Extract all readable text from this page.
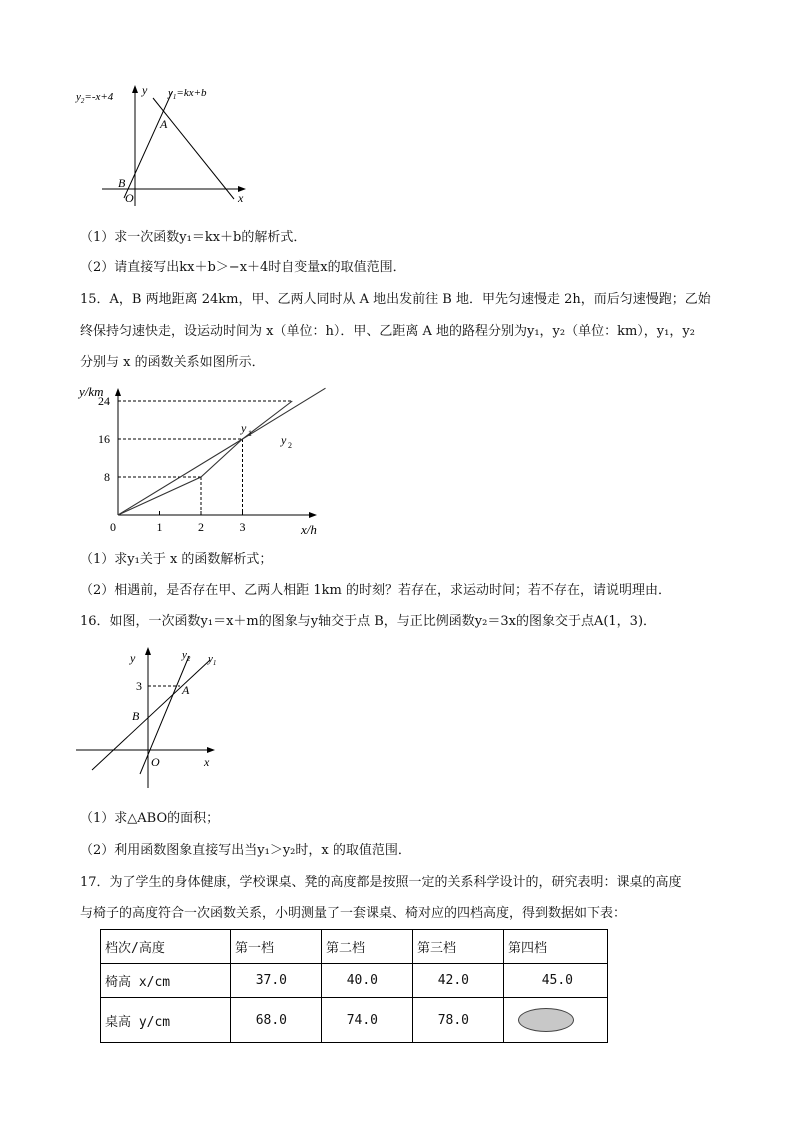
$y_2=-x+4$	$y_1=kx+b$
y
x
A
B
O
（1）求一次函数y₁＝kx＋b的解析式．
（2）请直接写出kx＋b＞−x＋4时自变量x的取值范围．
15．A，B 两地距离 24km，甲、乙两人同时从 A 地出发前往 B 地．甲先匀速慢走 2h，而后匀速慢跑；乙始
终保持匀速快走，设运动时间为 x（单位：h）．甲、乙距离 A 地的路程分别为y₁，y₂（单位：km），y₁，y₂
分别与 x 的函数关系如图所示．
y/km
x/h
8
16
24
0	1	2	3
y 1 y 2
（1）求y₁关于 x 的函数解析式；
（2）相遇前，是否存在甲、乙两人相距 1km 的时刻？若存在，求运动时间；若不存在，请说明理由．
16．如图，一次函数y₁＝x＋m的图象与y轴交于点 B，与正比例函数y₂＝3x的图象交于点A(1，3)．
y
x
$y_2$ $y_1$
3	A
B
O
（1）求△ABO的面积；
（2）利用函数图象直接写出当y₁＞y₂时，x 的取值范围．
17．为了学生的身体健康，学校课桌、凳的高度都是按照一定的关系科学设计的，研究表明：课桌的高度
与椅子的高度符合一次函数关系，小明测量了一套课桌、椅对应的四档高度，得到数据如下表：
档次/高度	第一档	第二档	第三档	第四档
椅高 x/cm	37.0	40.0	42.0	45.0
桌高 y/cm	68.0	74.0	78.0	
